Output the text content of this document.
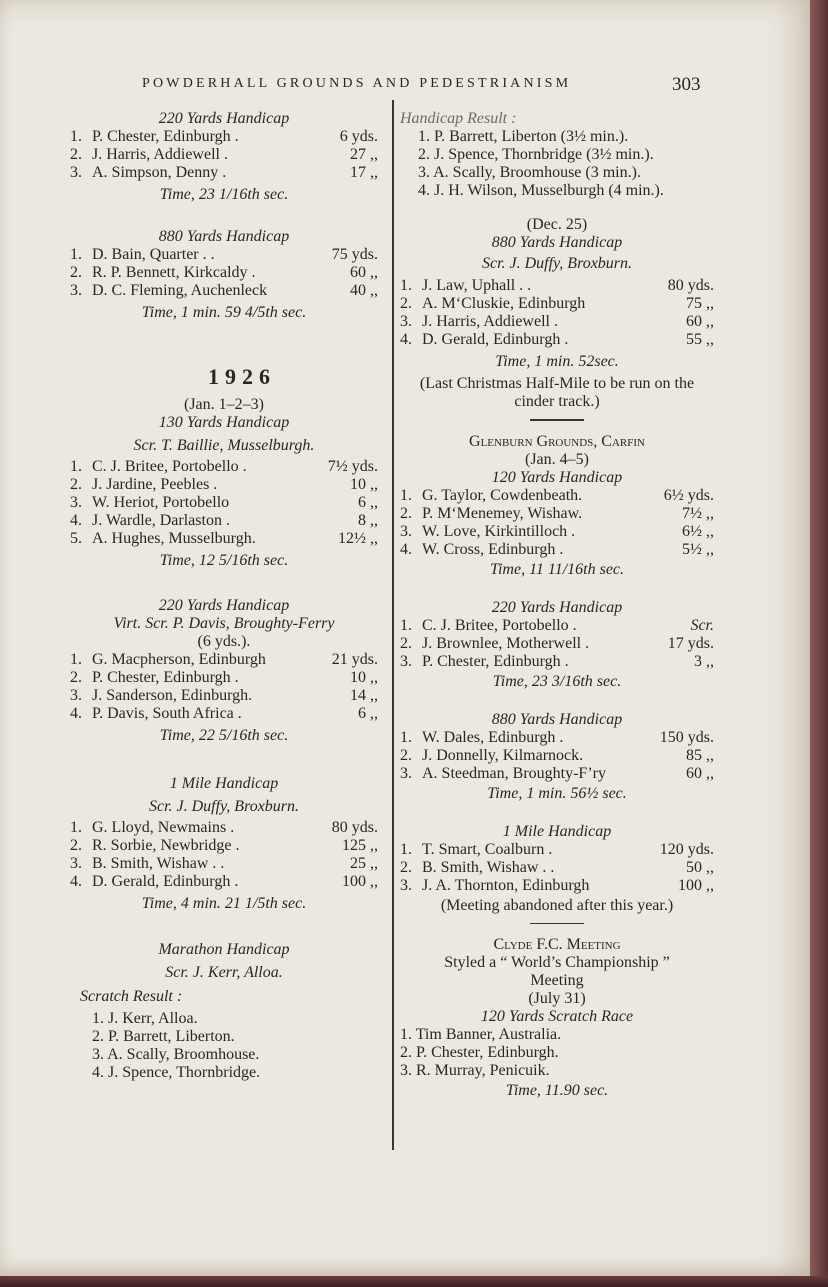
POWDERHALL GROUNDS AND PEDESTRIANISM	303
220 Yards Handicap
1. P. Chester, Edinburgh .	6 yds.
2. J. Harris, Addiewell .	27 ,,
3. A. Simpson, Denny .	17 ,,
Time, 23 1/16th sec.
880 Yards Handicap
1. D. Bain, Quarter . .	75 yds.
2. R. P. Bennett, Kirkcaldy .	60 ,,
3. D. C. Fleming, Auchenleck	40 ,,
Time, 1 min. 59 4/5th sec.
1926
(Jan. 1–2–3)
130 Yards Handicap
Scr. T. Baillie, Musselburgh.
1. C. J. Britee, Portobello .	7½ yds.
2. J. Jardine, Peebles .	10 ,,
3. W. Heriot, Portobello	6 ,,
4. J. Wardle, Darlaston .	8 ,,
5. A. Hughes, Musselburgh.	12½ ,,
Time, 12 5/16th sec.
220 Yards Handicap
Virt. Scr. P. Davis, Broughty-Ferry
(6 yds.).
1. G. Macpherson, Edinburgh	21 yds.
2. P. Chester, Edinburgh .	10 ,,
3. J. Sanderson, Edinburgh.	14 ,,
4. P. Davis, South Africa .	6 ,,
Time, 22 5/16th sec.
1 Mile Handicap
Scr. J. Duffy, Broxburn.
1. G. Lloyd, Newmains .	80 yds.
2. R. Sorbie, Newbridge .	125 ,,
3. B. Smith, Wishaw . .	25 ,,
4. D. Gerald, Edinburgh .	100 ,,
Time, 4 min. 21 1/5th sec.
Marathon Handicap
Scr. J. Kerr, Alloa.
Scratch Result :
1. J. Kerr, Alloa.
2. P. Barrett, Liberton.
3. A. Scally, Broomhouse.
4. J. Spence, Thornbridge.
Handicap Result :
1. P. Barrett, Liberton (3½ min.).
2. J. Spence, Thornbridge (3½ min.).
3. A. Scally, Broomhouse (3 min.).
4. J. H. Wilson, Musselburgh (4 min.).
(Dec. 25)
880 Yards Handicap
Scr. J. Duffy, Broxburn.
1. J. Law, Uphall . .	80 yds.
2. A. M‘Cluskie, Edinburgh	75 ,,
3. J. Harris, Addiewell .	60 ,,
4. D. Gerald, Edinburgh .	55 ,,
Time, 1 min. 52sec.
(Last Christmas Half-Mile to be run on the cinder track.)
Glenburn Grounds, Carfin
(Jan. 4–5)
120 Yards Handicap
1. G. Taylor, Cowdenbeath.	6½ yds.
2. P. M‘Menemey, Wishaw.	7½ ,,
3. W. Love, Kirkintilloch .	6½ ,,
4. W. Cross, Edinburgh .	5½ ,,
Time, 11 11/16th sec.
220 Yards Handicap
1. C. J. Britee, Portobello .	Scr.
2. J. Brownlee, Motherwell .	17 yds.
3. P. Chester, Edinburgh .	3 ,,
Time, 23 3/16th sec.
880 Yards Handicap
1. W. Dales, Edinburgh .	150 yds.
2. J. Donnelly, Kilmarnock.	85 ,,
3. A. Steedman, Broughty-F’ry	60 ,,
Time, 1 min. 56½ sec.
1 Mile Handicap
1. T. Smart, Coalburn .	120 yds.
2. B. Smith, Wishaw . .	50 ,,
3. J. A. Thornton, Edinburgh	100 ,,
(Meeting abandoned after this year.)
Clyde F.C. Meeting
Styled a “ World’s Championship ”
Meeting
(July 31)
120 Yards Scratch Race
1. Tim Banner, Australia.
2. P. Chester, Edinburgh.
3. R. Murray, Penicuik.
Time, 11.90 sec.
